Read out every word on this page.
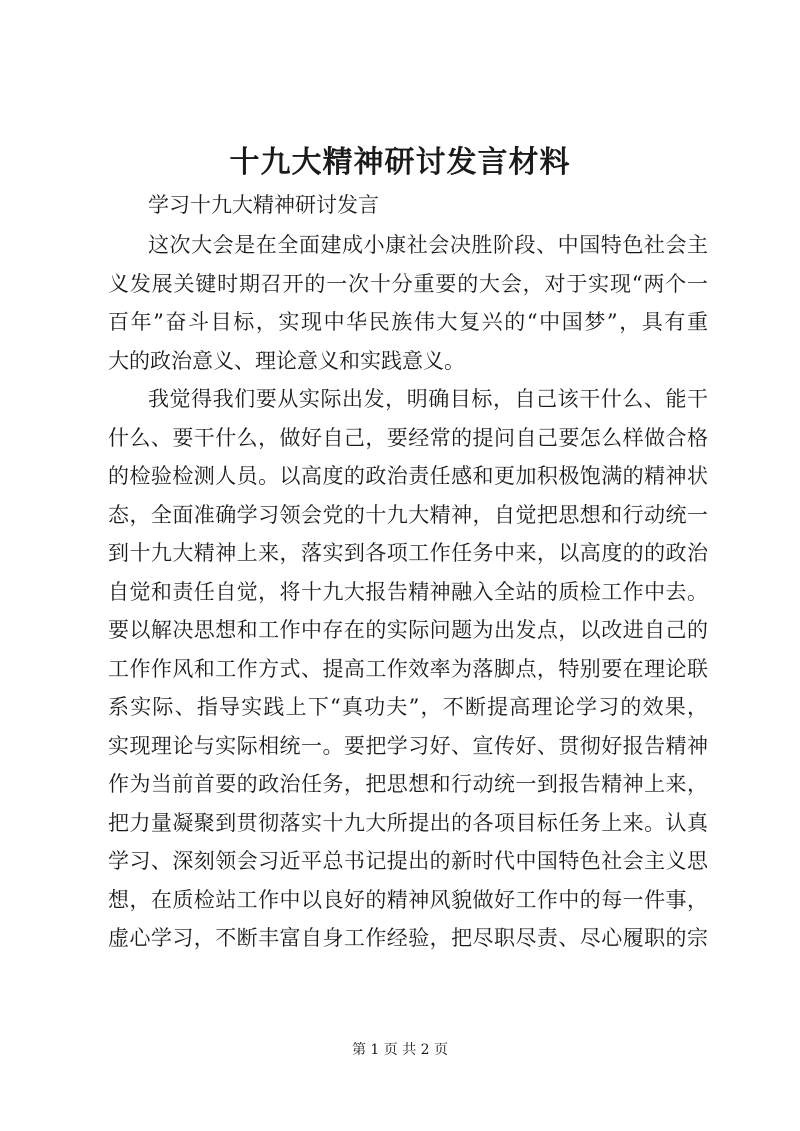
十九大精神研讨发言材料
学习十九大精神研讨发言
这次大会是在全面建成小康社会决胜阶段、中国特色社会主
义发展关键时期召开的一次十分重要的大会，对于实现“两个一
百年”奋斗目标，实现中华民族伟大复兴的“中国梦”，具有重
大的政治意义、理论意义和实践意义。
我觉得我们要从实际出发，明确目标，自己该干什么、能干
什么、要干什么，做好自己，要经常的提问自己要怎么样做合格
的检验检测人员。以高度的政治责任感和更加积极饱满的精神状
态，全面准确学习领会党的十九大精神，自觉把思想和行动统一
到十九大精神上来，落实到各项工作任务中来，以高度的的政治
自觉和责任自觉，将十九大报告精神融入全站的质检工作中去。
要以解决思想和工作中存在的实际问题为出发点，以改进自己的
工作作风和工作方式、提高工作效率为落脚点，特别要在理论联
系实际、指导实践上下“真功夫”，不断提高理论学习的效果，
实现理论与实际相统一。要把学习好、宣传好、贯彻好报告精神
作为当前首要的政治任务，把思想和行动统一到报告精神上来，
把力量凝聚到贯彻落实十九大所提出的各项目标任务上来。认真
学习、深刻领会习近平总书记提出的新时代中国特色社会主义思
想，在质检站工作中以良好的精神风貌做好工作中的每一件事，
虚心学习，不断丰富自身工作经验，把尽职尽责、尽心履职的宗
第 1 页 共 2 页
